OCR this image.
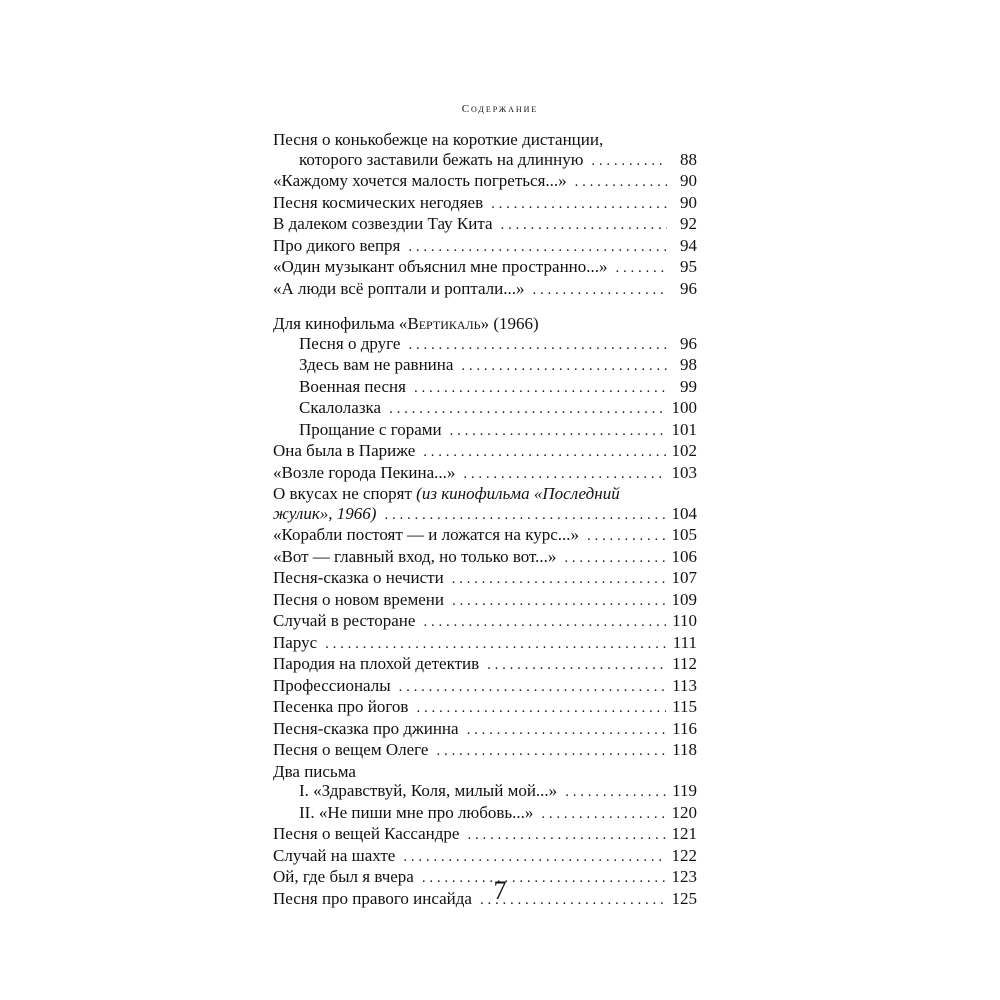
Содержание
Песня о конькобежце на короткие дистанции,
которого заставили бежать на длинную . . .	88
«Каждому хочется малость погреться...» . . .	90
Песня космических негодяев . . .	90
В далеком созвездии Тау Кита . . .	92
Про дикого вепря . . .	94
«Один музыкант объяснил мне пространно...» . . .	95
«А люди всё роптали и роптали...» . . .	96
Для кинофильма «Вертикаль» (1966)
Песня о друге . . .	96
Здесь вам не равнина . . .	98
Военная песня . . .	99
Скалолазка . . .	100
Прощание с горами . . .	101
Она была в Париже . . .	102
«Возле города Пекина...» . . .	103
О вкусах не спорят (из кинофильма «Последний
жулик», 1966) . . .	104
«Корабли постоят — и ложатся на курс...» . . .	105
«Вот — главный вход, но только вот...» . . .	106
Песня-сказка о нечисти . . .	107
Песня о новом времени . . .	109
Случай в ресторане . . .	110
Парус . . .	111
Пародия на плохой детектив . . .	112
Профессионалы . . .	113
Песенка про йогов . . .	115
Песня-сказка про джинна . . .	116
Песня о вещем Олеге . . .	118
Два письма
I. «Здравствуй, Коля, милый мой...» . . .	119
II. «Не пиши мне про любовь...» . . .	120
Песня о вещей Кассандре . . .	121
Случай на шахте . . .	122
Ой, где был я вчера . . .	123
Песня про правого инсайда . . .	125
7
